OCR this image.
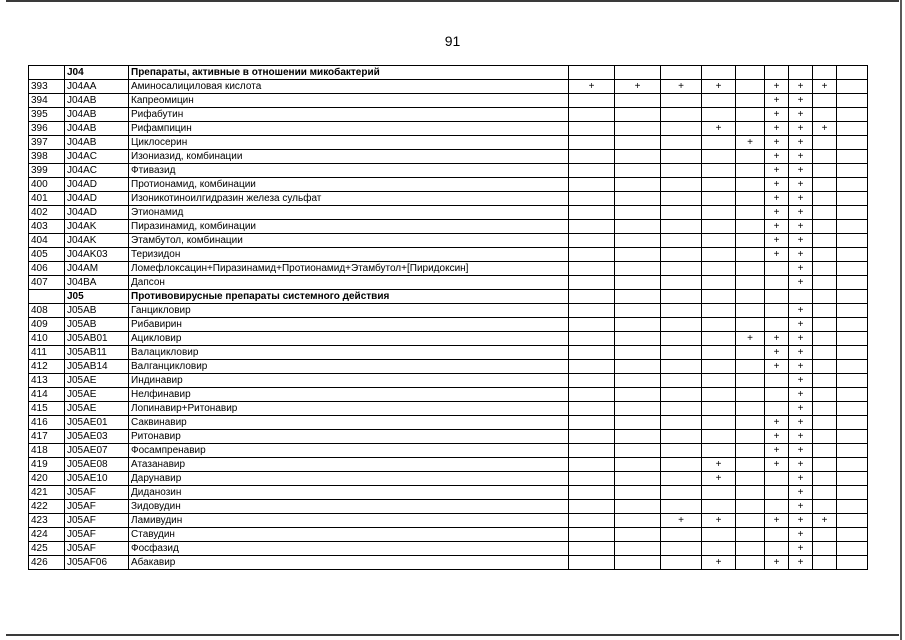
91
	J04	Препараты, активные в отношении микобактерий									
393	J04AA	Аминосалициловая кислота	+	+	+	+		+	+	+	
394	J04AB	Капреомицин						+	+		
395	J04AB	Рифабутин						+	+		
396	J04AB	Рифампицин				+		+	+	+	
397	J04AB	Циклосерин					+	+	+		
398	J04AC	Изониазид, комбинации						+	+		
399	J04AC	Фтивазид						+	+		
400	J04AD	Протионамид, комбинации						+	+		
401	J04AD	Изоникотиноилгидразин железа сульфат						+	+		
402	J04AD	Этионамид						+	+		
403	J04AK	Пиразинамид, комбинации						+	+		
404	J04AK	Этамбутол, комбинации						+	+		
405	J04AK03	Теризидон						+	+		
406	J04AM	Ломефлоксацин+Пиразинамид+Протионамид+Этамбутол+[Пиридоксин]							+		
407	J04BA	Дапсон							+		
	J05	Противовирусные препараты системного действия									
408	J05AB	Ганцикловир							+		
409	J05AB	Рибавирин							+		
410	J05AB01	Ацикловир					+	+	+		
411	J05AB11	Валацикловир						+	+		
412	J05AB14	Валганцикловир						+	+		
413	J05AE	Индинавир							+		
414	J05AE	Нелфинавир							+		
415	J05AE	Лопинавир+Ритонавир							+		
416	J05AE01	Саквинавир						+	+		
417	J05AE03	Ритонавир						+	+		
418	J05AE07	Фосампренавир						+	+		
419	J05AE08	Атазанавир				+		+	+		
420	J05AE10	Дарунавир				+			+		
421	J05AF	Диданозин							+		
422	J05AF	Зидовудин							+		
423	J05AF	Ламивудин			+	+		+	+	+	
424	J05AF	Ставудин							+		
425	J05AF	Фосфазид							+		
426	J05AF06	Абакавир				+		+	+		
